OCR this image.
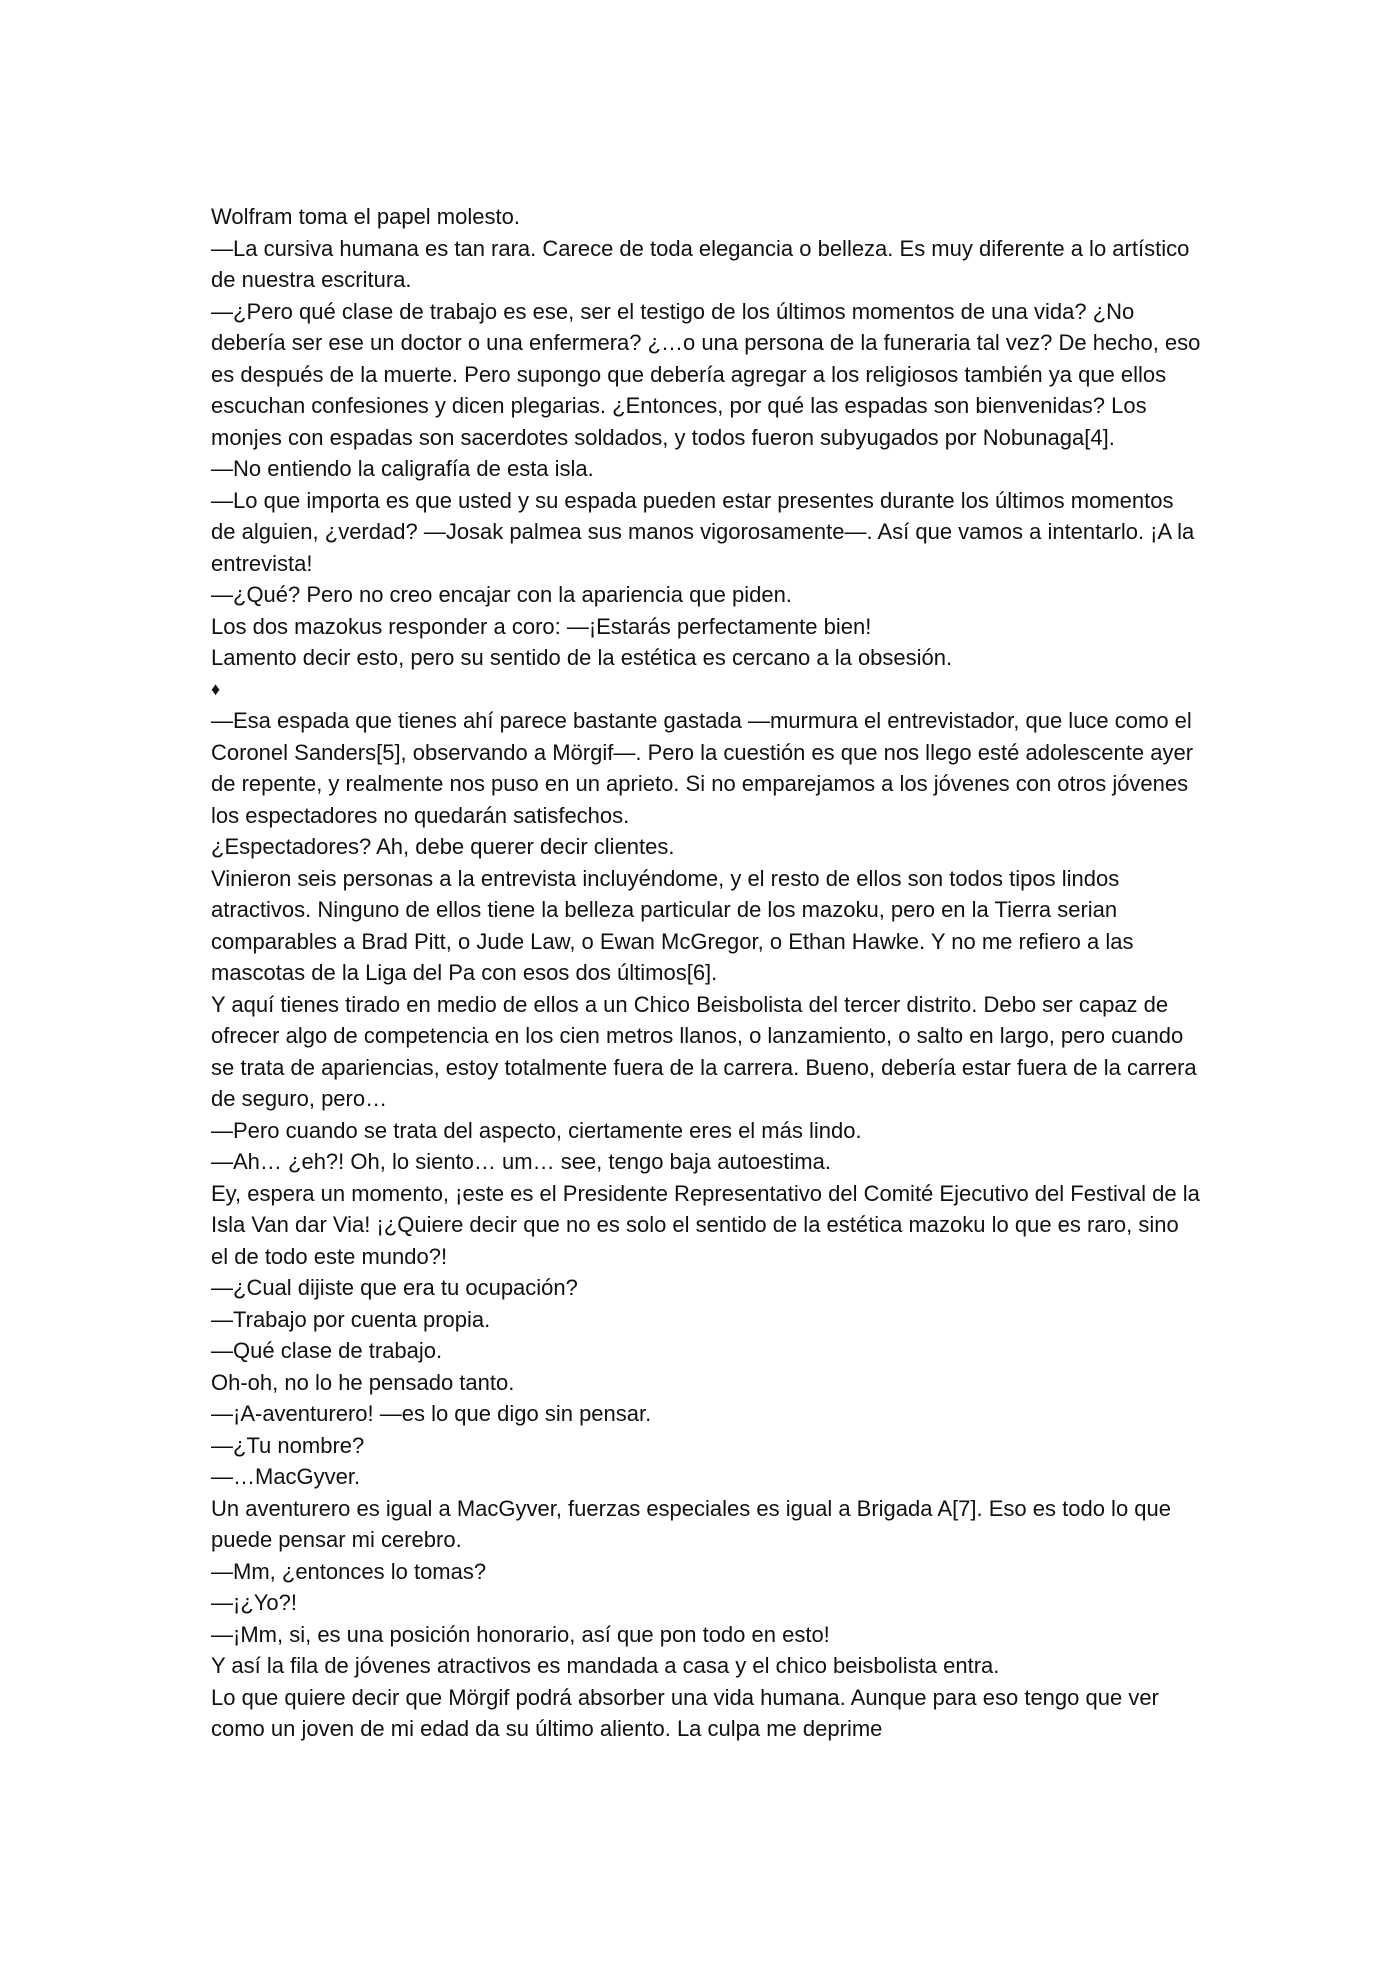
Wolfram toma el papel molesto.

—La cursiva humana es tan rara. Carece de toda elegancia o belleza. Es muy diferente a lo artístico de nuestra escritura.

—¿Pero qué clase de trabajo es ese, ser el testigo de los últimos momentos de una vida? ¿No debería ser ese un doctor o una enfermera? ¿…o una persona de la funeraria tal vez? De hecho, eso es después de la muerte. Pero supongo que debería agregar a los religiosos también ya que ellos escuchan confesiones y dicen plegarias. ¿Entonces, por qué las espadas son bienvenidas? Los monjes con espadas son sacerdotes soldados, y todos fueron subyugados por Nobunaga[4].

—No entiendo la caligrafía de esta isla.

—Lo que importa es que usted y su espada pueden estar presentes durante los últimos momentos de alguien, ¿verdad? —Josak palmea sus manos vigorosamente—. Así que vamos a intentarlo. ¡A la entrevista!

—¿Qué? Pero no creo encajar con la apariencia que piden.

Los dos mazokus responder a coro: —¡Estarás perfectamente bien!

Lamento decir esto, pero su sentido de la estética es cercano a la obsesión.

♦

—Esa espada que tienes ahí parece bastante gastada —murmura el entrevistador, que luce como el Coronel Sanders[5], observando a Mörgif—. Pero la cuestión es que nos llego esté adolescente ayer de repente, y realmente nos puso en un aprieto. Si no emparejamos a los jóvenes con otros jóvenes los espectadores no quedarán satisfechos.

¿Espectadores? Ah, debe querer decir clientes.

Vinieron seis personas a la entrevista incluyéndome, y el resto de ellos son todos tipos lindos atractivos. Ninguno de ellos tiene la belleza particular de los mazoku, pero en la Tierra serian comparables a Brad Pitt, o Jude Law, o Ewan McGregor, o Ethan Hawke. Y no me refiero a las mascotas de la Liga del Pa con esos dos últimos[6].

Y aquí tienes tirado en medio de ellos a un Chico Beisbolista del tercer distrito. Debo ser capaz de ofrecer algo de competencia en los cien metros llanos, o lanzamiento, o salto en largo, pero cuando se trata de apariencias, estoy totalmente fuera de la carrera. Bueno, debería estar fuera de la carrera de seguro, pero…

—Pero cuando se trata del aspecto, ciertamente eres el más lindo.

—Ah… ¿eh?! Oh, lo siento… um… see, tengo baja autoestima.

Ey, espera un momento, ¡este es el Presidente Representativo del Comité Ejecutivo del Festival de la Isla Van dar Via! ¡¿Quiere decir que no es solo el sentido de la estética mazoku lo que es raro, sino el de todo este mundo?!

—¿Cual dijiste que era tu ocupación?

—Trabajo por cuenta propia.

—Qué clase de trabajo.

Oh-oh, no lo he pensado tanto.

—¡A-aventurero! —es lo que digo sin pensar.

—¿Tu nombre?

—…MacGyver.

Un aventurero es igual a MacGyver, fuerzas especiales es igual a Brigada A[7]. Eso es todo lo que puede pensar mi cerebro.

—Mm, ¿entonces lo tomas?

—¡¿Yo?!

—¡Mm, si, es una posición honorario, así que pon todo en esto!

Y así la fila de jóvenes atractivos es mandada a casa y el chico beisbolista entra.

Lo que quiere decir que Mörgif podrá absorber una vida humana. Aunque para eso tengo que ver como un joven de mi edad da su último aliento. La culpa me deprime
